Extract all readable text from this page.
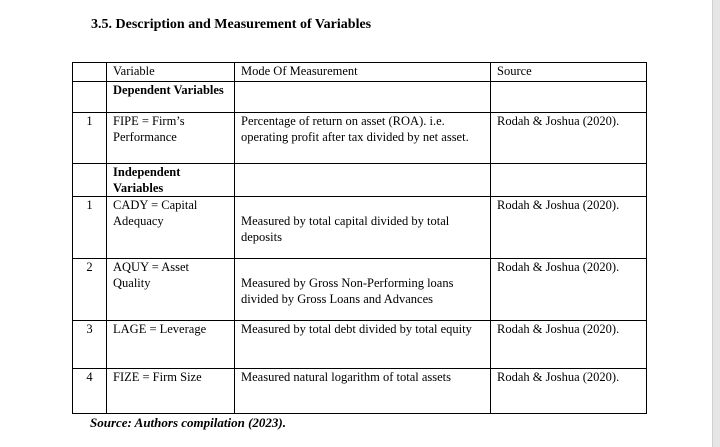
3.5. Description and Measurement of Variables
	Variable	Mode Of Measurement	Source
	Dependent Variables		
1	FIPE = Firm’s Performance	Percentage of return on asset (ROA). i.e. operating profit after tax divided by net asset.	Rodah & Joshua (2020).
	Independent Variables		
1	CADY = Capital Adequacy	Measured by total capital divided by total deposits	Rodah & Joshua (2020).
2	AQUY = Asset Quality	Measured by Gross Non-Performing loans divided by Gross Loans and Advances	Rodah & Joshua (2020).
3	LAGE = Leverage	Measured by total debt divided by total equity	Rodah & Joshua (2020).
4	FIZE = Firm Size	Measured natural logarithm of total assets	Rodah & Joshua (2020).
Source: Authors compilation (2023).
